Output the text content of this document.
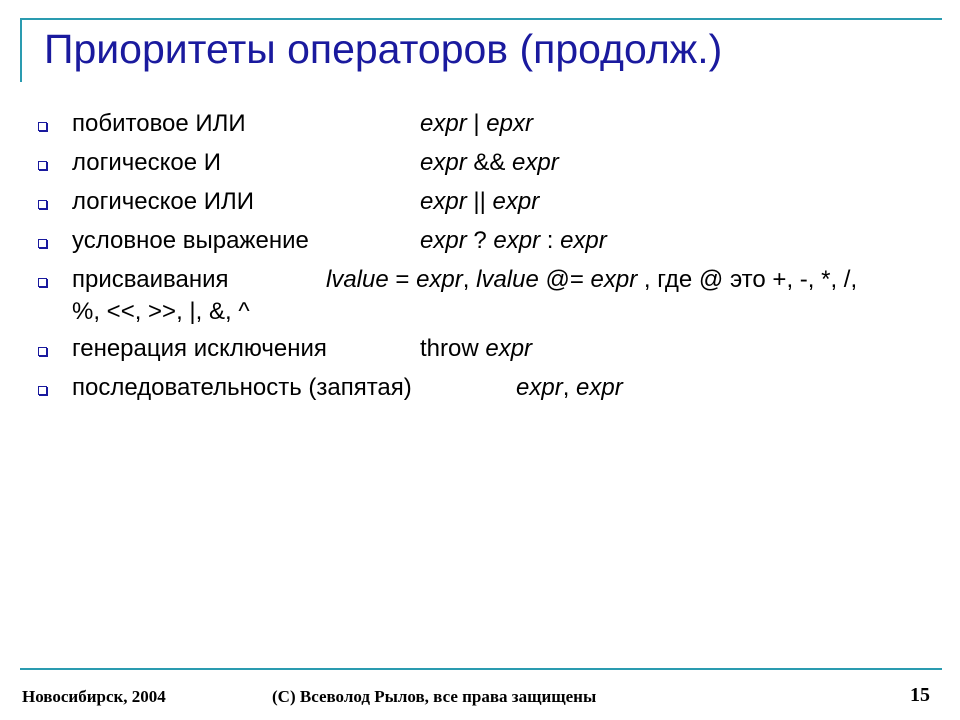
Приоритеты операторов (продолж.)
побитовое ИЛИ	expr | epxr
логическое И	expr && expr
логическое ИЛИ	expr || expr
условное выражение	expr ? expr : expr
присваивания	lvalue = expr, lvalue @= expr , где @ это +, -, *, /,
%, <<, >>, |, &, ^
генерация исключения	throw expr
последовательность (запятая)	expr, expr
Новосибирск, 2004	(C) Всеволод Рылов, все права защищены	15
